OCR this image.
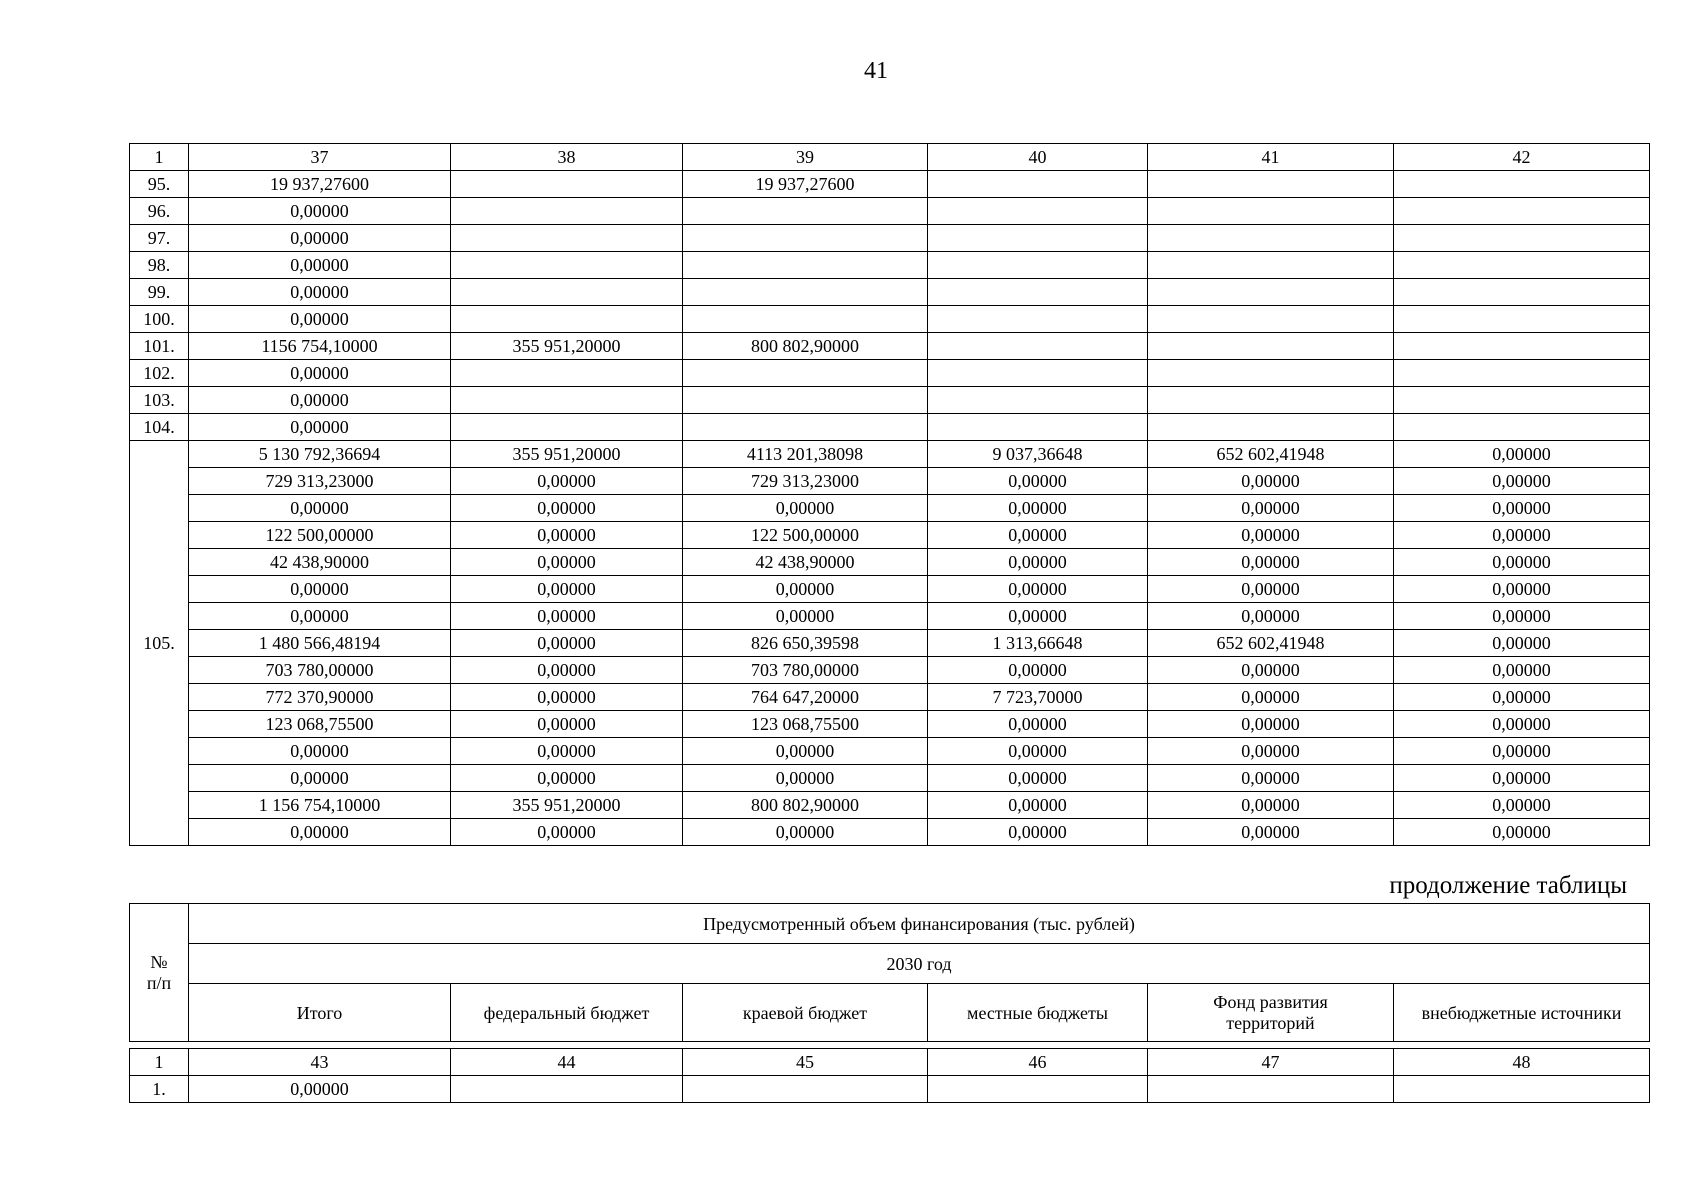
41
1	37	38	39	40	41	42
95.	19 937,27600		19 937,27600			
96.	0,00000					
97.	0,00000					
98.	0,00000					
99.	0,00000					
100.	0,00000					
101.	1156 754,10000	355 951,20000	800 802,90000			
102.	0,00000					
103.	0,00000					
104.	0,00000					
105.	5 130 792,36694	355 951,20000	4113 201,38098	9 037,36648	652 602,41948	0,00000
	729 313,23000	0,00000	729 313,23000	0,00000	0,00000	0,00000
	0,00000	0,00000	0,00000	0,00000	0,00000	0,00000
	122 500,00000	0,00000	122 500,00000	0,00000	0,00000	0,00000
	42 438,90000	0,00000	42 438,90000	0,00000	0,00000	0,00000
	0,00000	0,00000	0,00000	0,00000	0,00000	0,00000
	0,00000	0,00000	0,00000	0,00000	0,00000	0,00000
	1 480 566,48194	0,00000	826 650,39598	1 313,66648	652 602,41948	0,00000
	703 780,00000	0,00000	703 780,00000	0,00000	0,00000	0,00000
	772 370,90000	0,00000	764 647,20000	7 723,70000	0,00000	0,00000
	123 068,75500	0,00000	123 068,75500	0,00000	0,00000	0,00000
	0,00000	0,00000	0,00000	0,00000	0,00000	0,00000
	0,00000	0,00000	0,00000	0,00000	0,00000	0,00000
	1 156 754,10000	355 951,20000	800 802,90000	0,00000	0,00000	0,00000
	0,00000	0,00000	0,00000	0,00000	0,00000	0,00000
продолжение таблицы
№
п/п	Предусмотренный объем финансирования (тыс. рублей)					
	2030 год					
	Итого	федеральный бюджет	краевой бюджет	местные бюджеты	Фонд развития территорий	внебюджетные источники
1	43	44	45	46	47	48
1.	0,00000					
